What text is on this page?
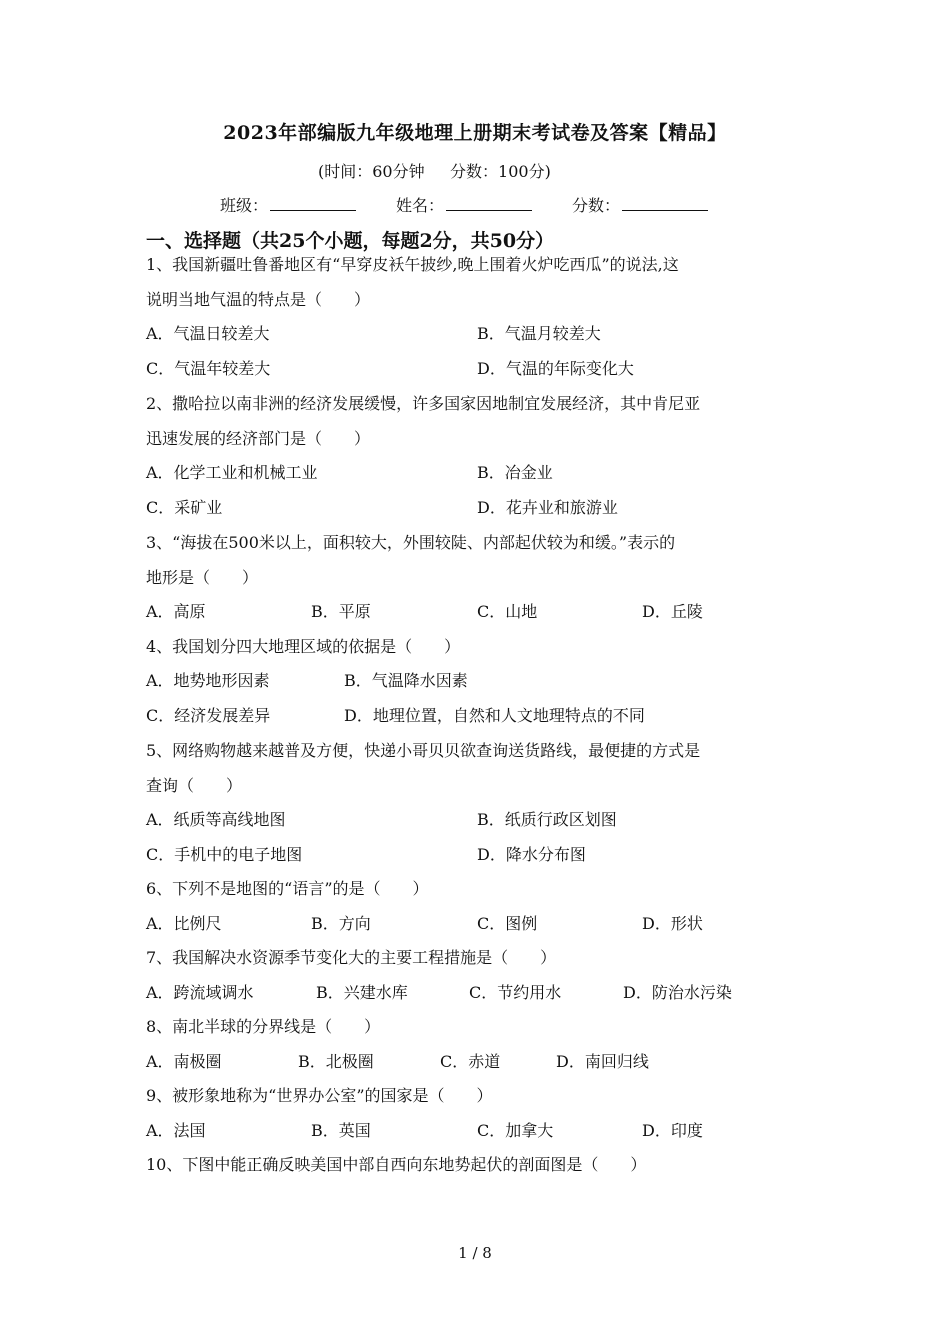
2023年部编版九年级地理上册期末考试卷及答案【精品】
(时间：60分钟     分数：100分)
班级：	姓名：	分数：
一、选择题（共25个小题，每题2分，共50分）
1、我国新疆吐鲁番地区有“早穿皮袄午披纱,晚上围着火炉吃西瓜”的说法,这
说明当地气温的特点是（　　）
A．气温日较差大	B．气温月较差大
C．气温年较差大	D．气温的年际变化大
2、撒哈拉以南非洲的经济发展缓慢，许多国家因地制宜发展经济，其中肯尼亚
迅速发展的经济部门是（　　）
A．化学工业和机械工业	B．冶金业
C．采矿业	D．花卉业和旅游业
3、“海拔在500米以上，面积较大，外围较陡、内部起伏较为和缓。”表示的
地形是（　　）
A．高原	B．平原	C．山地	D．丘陵
4、我国划分四大地理区域的依据是（　　）
A．地势地形因素	B．气温降水因素
C．经济发展差异	D．地理位置，自然和人文地理特点的不同
5、网络购物越来越普及方便，快递小哥贝贝欲查询送货路线，最便捷的方式是
查询（　　）
A．纸质等高线地图	B．纸质行政区划图
C．手机中的电子地图	D．降水分布图
6、下列不是地图的“语言”的是（　　）
A．比例尺	B．方向	C．图例	D．形状
7、我国解决水资源季节变化大的主要工程措施是（　　）
A．跨流域调水	B．兴建水库	C．节约用水	D．防治水污染
8、南北半球的分界线是（　　）
A．南极圈	B．北极圈	C．赤道	D．南回归线
9、被形象地称为“世界办公室”的国家是（　　）
A．法国	B．英国	C．加拿大	D．印度
10、下图中能正确反映美国中部自西向东地势起伏的剖面图是（　　）
1 / 8
